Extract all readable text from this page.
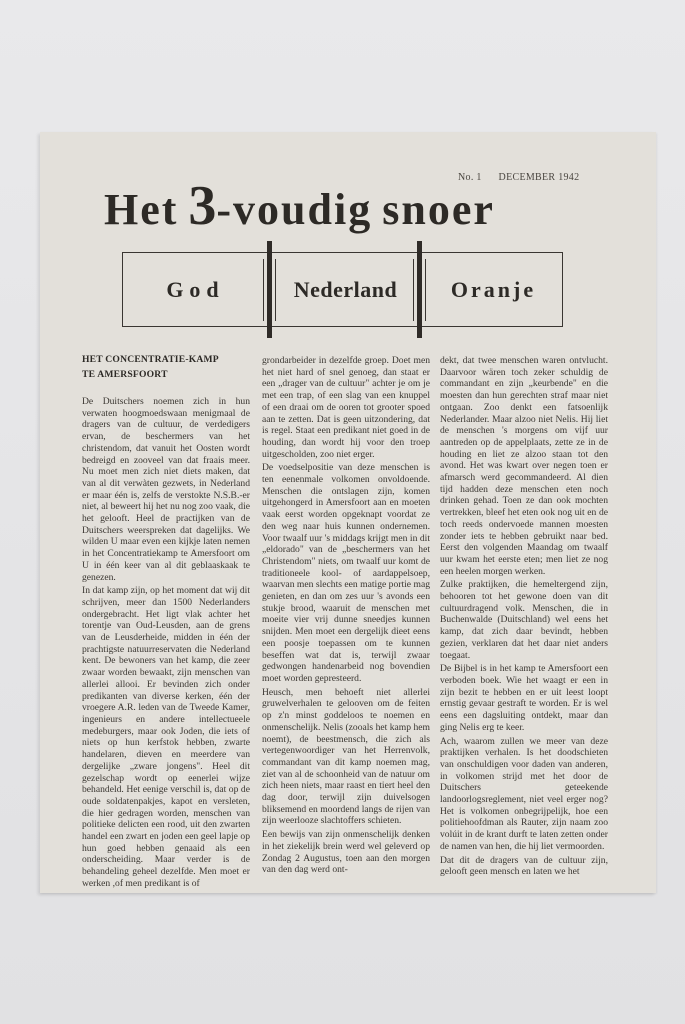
No. 1 DECEMBER 1942
Het 3-voudig snoer
God	Nederland	Oranje
HET CONCENTRATIE-KAMP
TE AMERSFOORT

De Duitschers noemen zich in hun verwaten hoogmoedswaan menigmaal de dragers van de cultuur, de verdedigers ervan, de beschermers van het christendom, dat vanuit het Oosten wordt bedreigd en zooveel van dat fraais meer. Nu moet men zich niet diets maken, dat van al dit verwàten gezwets, in Nederland er maar één is, zelfs de verstokte N.S.B.-er niet, al beweert hij het nu nog zoo vaak, die het gelooft. Heel de practijken van de Duitschers weerspreken dat dagelijks. We wilden U maar even een kijkje laten nemen in het Concentratiekamp te Amersfoort om U in één keer van al dit geblaaskaak te genezen.

In dat kamp zijn, op het moment dat wij dit schrijven, meer dan 1500 Nederlanders ondergebracht. Het ligt vlak achter het torentje van Oud-Leusden, aan de grens van de Leusderheide, midden in één der prachtigste natuurreservaten die Nederland kent. De bewoners van het kamp, die zeer zwaar worden bewaakt, zijn menschen van allerlei allooi. Er bevinden zich onder predikanten van diverse kerken, één der vroegere A.R. leden van de Tweede Kamer, ingenieurs en andere intellectueele medeburgers, maar ook Joden, die iets of niets op hun kerfstok hebben, zwarte handelaren, dieven en meerdere van dergelijke „zware jongens". Heel dit gezelschap wordt op eenerlei wijze behandeld. Het eenige verschil is, dat op de oude soldatenpakjes, kapot en versleten, die hier gedragen worden, menschen van politieke delicten een rood, uit den zwarten handel een zwart en joden een geel lapje op hun goed hebben genaaid als een onderscheiding. Maar verder is de behandeling geheel dezelfde. Men moet er werken ,of men predikant is of

grondarbeider in dezelfde groep. Doet men het niet hard of snel genoeg, dan staat er een „drager van de cultuur" achter je om je met een trap, of een slag van een knuppel of een draai om de ooren tot grooter spoed aan te zetten. Dat is geen uitzondering, dat is regel. Staat een predikant niet goed in de houding, dan wordt hij voor den troep uitgescholden, zoo niet erger.

De voedselpositie van deze menschen is ten eenenmale volkomen onvoldoende. Menschen die ontslagen zijn, komen uitgehongerd in Amersfoort aan en moeten vaak eerst worden opgeknapt voordat ze den weg naar huis kunnen ondernemen. Voor twaalf uur 's middags krijgt men in dit „eldorado" van de „beschermers van het Christendom" niets, om twaalf uur komt de traditioneele kool- of aardappelsoep, waarvan men slechts een matige portie mag genieten, en dan om zes uur 's avonds een stukje brood, waaruit de menschen met moeite vier vrij dunne sneedjes kunnen snijden. Men moet een dergelijk dieet eens een poosje toepassen om te kunnen beseffen wat dat is, terwijl zwaar gedwongen handenarbeid nog bovendien moet worden gepresteerd.

Heusch, men behoeft niet allerlei gruwelverhalen te gelooven om de feiten op z'n minst goddeloos te noemen en onmenschelijk. Nelis (zooals het kamp hem noemt), de beestmensch, die zich als vertegenwoordiger van het Herrenvolk, commandant van dit kamp noemen mag, ziet van al de schoonheid van de natuur om zich heen niets, maar raast en tiert heel den dag door, terwijl zijn duivelsogen bliksemend en moordend langs de rijen van zijn weerlooze slachtoffers schieten.

Een bewijs van zijn onmenschelijk denken in het ziekelijk brein werd wel geleverd op Zondag 2 Augustus, toen aan den morgen van den dag werd ont-

dekt, dat twee menschen waren ontvlucht. Daarvoor wären toch zeker schuldig de commandant en zijn „keurbende" en die moesten dan hun gerechten straf maar niet ontgaan. Zoo denkt een fatsoenlijk Nederlander. Maar alzoo niet Nelis. Hij liet de menschen 's morgens om vijf uur aantreden op de appelplaats, zette ze in de houding en liet ze alzoo staan tot den avond. Het was kwart over negen toen er afmarsch werd gecommandeerd. Al dien tijd hadden deze menschen eten noch drinken gehad. Toen ze dan ook mochten vertrekken, bleef het eten ook nog uit en de toch reeds ondervoede mannen moesten zonder iets te hebben gebruikt naar bed. Eerst den volgenden Maandag om twaalf uur kwam het eerste eten; men liet ze nog een heelen morgen werken.

Zulke praktijken, die hemeltergend zijn, behooren tot het gewone doen van dit cultuurdragend volk. Menschen, die in Buchenwalde (Duitschland) wel eens het kamp, dat zich daar bevindt, hebben gezien, verklaren dat het daar niet anders toegaat.

De Bijbel is in het kamp te Amersfoort een verboden boek. Wie het waagt er een in zijn bezit te hebben en er uit leest loopt ernstig gevaar gestraft te worden. Er is wel eens een dagsluiting ontdekt, maar dan ging Nelis erg te keer.

Ach, waarom zullen we meer van deze praktijken verhalen. Is het doodschieten van onschuldigen voor daden van anderen, in volkomen strijd met het door de Duitschers geteekende landoorlogsreglement, niet veel erger nog? Het is volkomen onbegrijpelijk, hoe een politiehoofdman als Rauter, zijn naam zoo volúit in de krant durft te laten zetten onder de namen van hen, die hij liet vermoorden.

Dat dit de dragers van de cultuur zijn, gelooft geen mensch en laten we het
